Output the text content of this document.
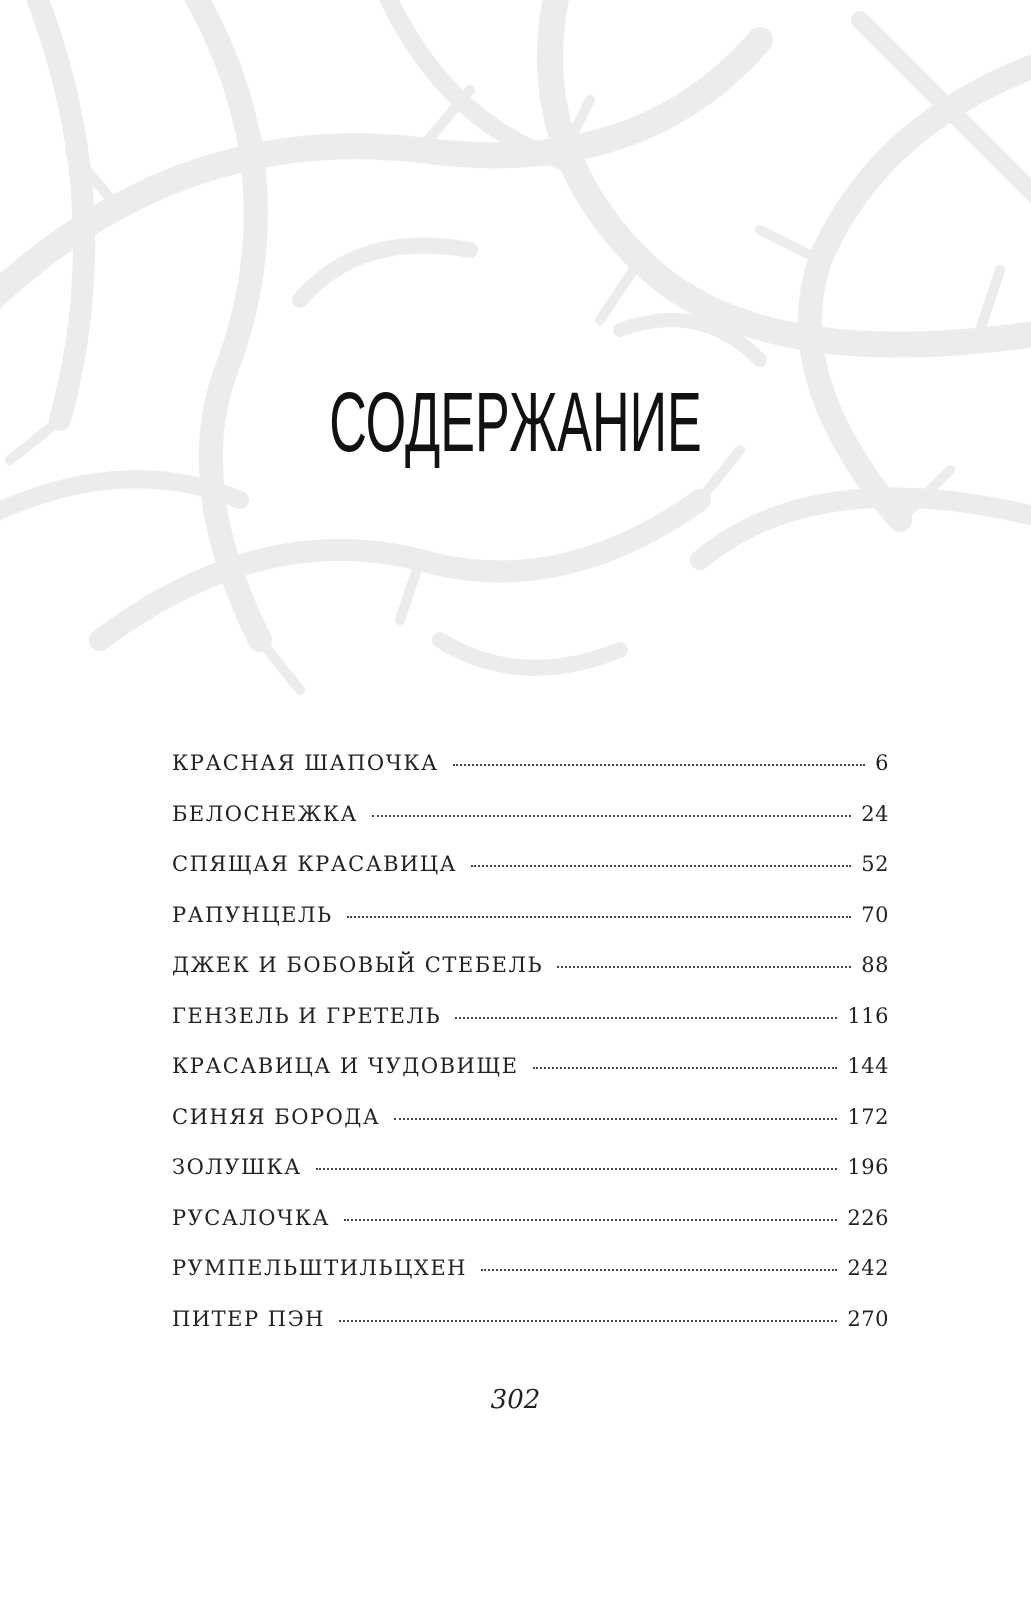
СОДЕРЖАНИЕ
КРАСНАЯ ШАПОЧКА	6
БЕЛОСНЕЖКА	24
СПЯЩАЯ КРАСАВИЦА	52
РАПУНЦЕЛЬ	70
ДЖЕК И БОБОВЫЙ СТЕБЕЛЬ	88
ГЕНЗЕЛЬ И ГРЕТЕЛЬ	116
КРАСАВИЦА И ЧУДОВИЩЕ	144
СИНЯЯ БОРОДА	172
ЗОЛУШКА	196
РУСАЛОЧКА	226
РУМПЕЛЬШТИЛЬЦХЕН	242
ПИТЕР ПЭН	270
302
